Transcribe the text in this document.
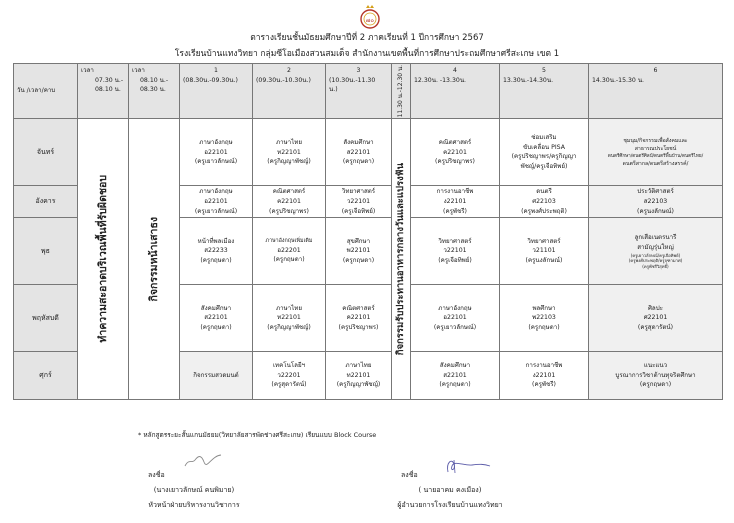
๗๐
ตารางเรียนชั้นมัธยมศึกษาปีที่ 2 ภาคเรียนที่ 1 ปีการศึกษา 2567
โรงเรียนบ้านแทงวิทยา กลุ่มซีโอเมืองสวนสมเด็จ สำนักงานเขตพื้นที่การศึกษาประถมศึกษาศรีสะเกษ เขต 1
วัน /เวลา/คาบ	เวลา
07.30 น.-
08.10 น.	เวลา
08.10 น.-
08.30 น.	1
(08.30น.-09.30น.)	2
(09.30น.-10.30น.)	3
(10.30น.-11.30
น.)	11.30 น.-12.30 น.	4
12.30น. -13.30น.	5
13.30น.-14.30น.	6
14.30น.-15.30 น.

จันทร์	ทำความสะอาดบริเวณพื้นที่รับผิดชอบ	กิจกรรมหน้าเสาธง	ภาษาอังกฤษ
อ22101
(ครูเยาวลักษณ์)	ภาษาไทย
ท22101
(ครูกิญญาพัชญ์)	สังคมศึกษา
ส22101
(ครูกฤษดา)	กิจกรรมรับประทานอาหารกลางวันและแปรงฟัน	คณิตศาสตร์
ค22101
(ครูปริชญาพร)	ซ่อมเสริม
ขับเคลื่อน PISA
(ครูปริชญาพร/ครูกิญญา
พัชญ์/ครูเจือทิพย์)	ชุมนุม/กิจกรรมเพื่อสังคมและ
สาธารณประโยชน์
ดนตรีศึกษา/ดนตรีศิลป์/ดนตรีพื้นบ้าน/ดนตรีไทย/
ดนตรีสากล/ดนตรีสร้างสรรค์/

อังคาร			ภาษาอังกฤษ
อ22101
(ครูเยาวลักษณ์)	คณิตศาสตร์
ค22101
(ครูปริชญาพร)	วิทยาศาสตร์
ว22101
(ครูเจือทิพย์)		การงานอาชีพ
ง22101
(ครูพัชรี)	ดนตรี
ศ22103
(ครูพงศ์ประพฤติ)	ประวัติศาสตร์
ส22103
(ครูนงลักษณ์)

พุธ			หน้าที่พลเมือง
ส22233
(ครูกฤษดา)	ภาษาอังกฤษเพิ่มเติม
อ22201
(ครูกฤษดา)	สุขศึกษา
พ22101
(ครูกฤษดา)		วิทยาศาสตร์
ว22101
(ครูเจือทิพย์)	วิทยาศาสตร์
ว21101
(ครูนงลักษณ์)	ลูกเสือเนตรนารี
สามัญรุ่นใหญ่
(ครูเยาวลักษณ์/ครูเจือทิพย์)
(ครูพงศ์ประพฤติ/ครูจุฑามาศ)
(ครูพัชรีวิสุทธิ์)

พฤหัสบดี			สังคมศึกษา
ส22101
(ครูกฤษดา)	ภาษาไทย
ท22101
(ครูกิญญาพัชญ์)	คณิตศาสตร์
ค22101
(ครูปริชญาพร)		ภาษาอังกฤษ
อ22101
(ครูเยาวลักษณ์)	พลศึกษา
พ22103
(ครูกฤษดา)	ศิลปะ
ศ22101
(ครูสุดารัตน์)

ศุกร์			กิจกรรมสวดมนต์	เทคโนโลยีฯ
ว22201
(ครูสุดารัตน์)	ภาษาไทย
ท22101
(ครูกิญญาพัชญ์)		สังคมศึกษา
ส22101
(ครูกฤษดา)	การงานอาชีพ
ง22101
(ครูพัชรี)	แนะแนว
บูรณาการวิชาต้านทุจริตศึกษา
(ครูกฤษดา)
* หลักสูตรระยะสั้นแกนมัธยม(วิทยาลัยสารพัดช่างศรีสะเกษ) เรียนแบบ Block Course
ลงชื่อ
(นางเยาวลักษณ์ คนพิมาย)
หัวหน้าฝ่ายบริหารงานวิชาการ
ลงชื่อ
( นายอาคม คงเมือง)
ผู้อำนวยการโรงเรียนบ้านแทงวิทยา
